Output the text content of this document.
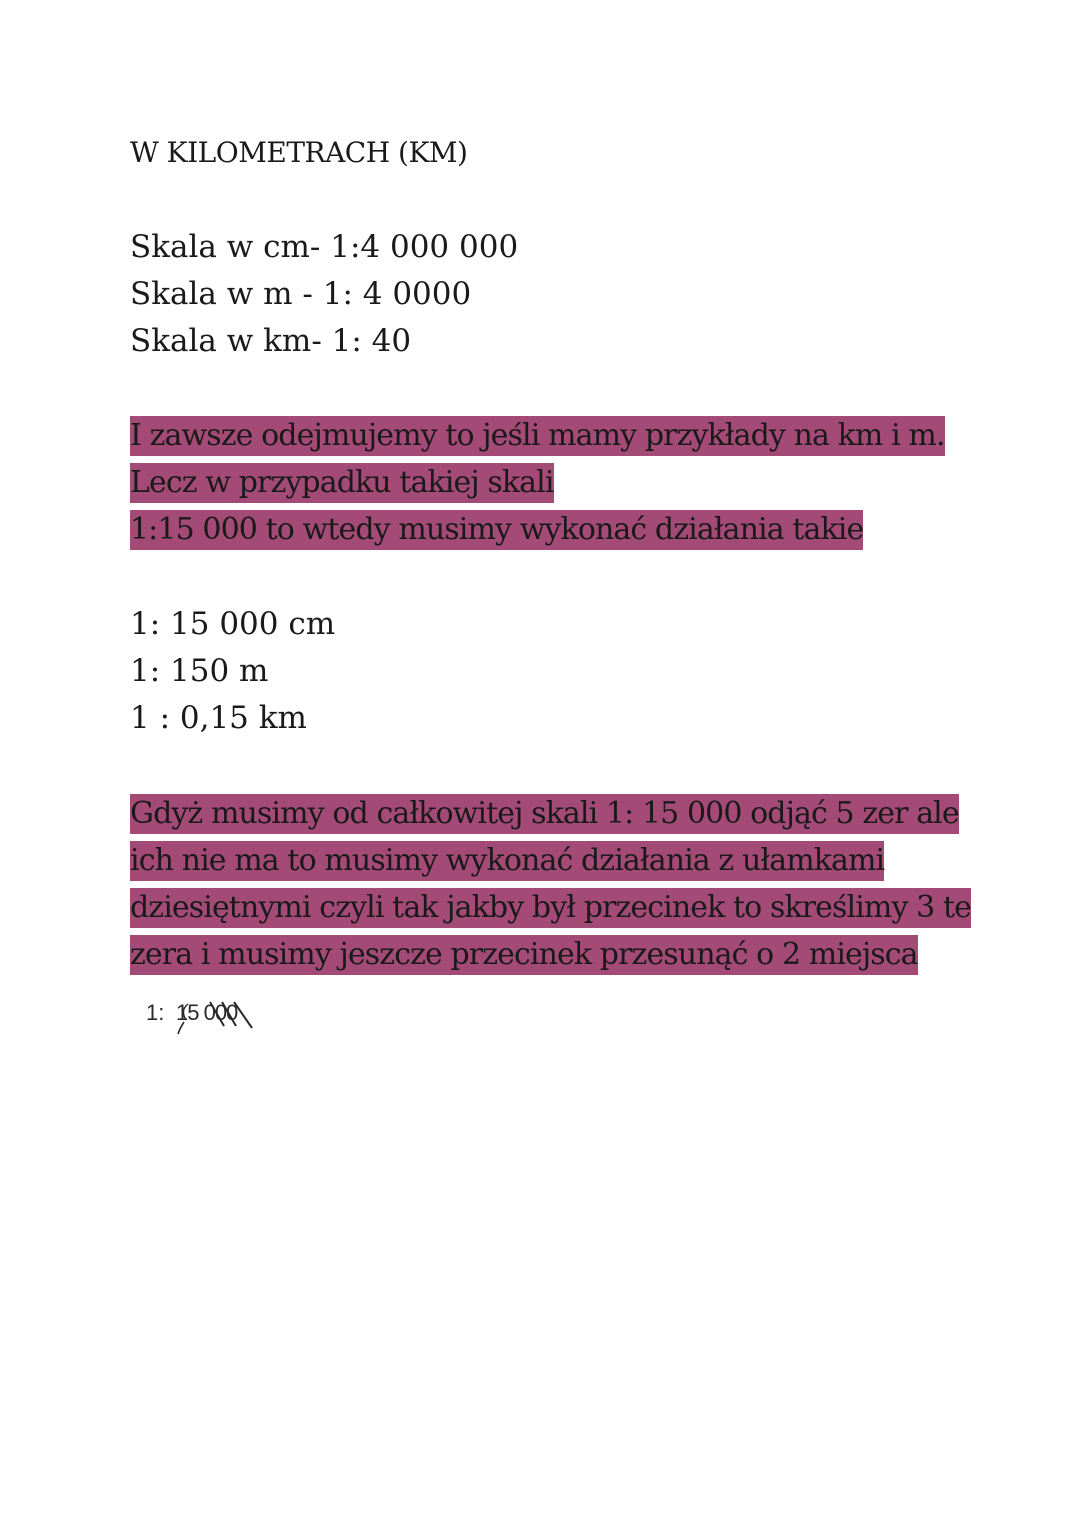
W KILOMETRACH (KM)
Skala w cm- 1:4 000 000
Skala w m - 1: 4 0000
Skala w km- 1: 40
I zawsze odejmujemy to jeśli mamy przykłady na km i m.
Lecz w przypadku takiej skali
1:15 000 to wtedy musimy wykonać działania takie
1: 15 000 cm
1: 150 m
1 : 0,15 km
Gdyż musimy od całkowitej skali 1: 15 000 odjąć 5 zer ale
ich nie ma to musimy wykonać działania z ułamkami
dziesiętnymi czyli tak jakby był przecinek to skreślimy 3 te
zera i musimy jeszcze przecinek przesunąć o 2 miejsca
1: 15 000
